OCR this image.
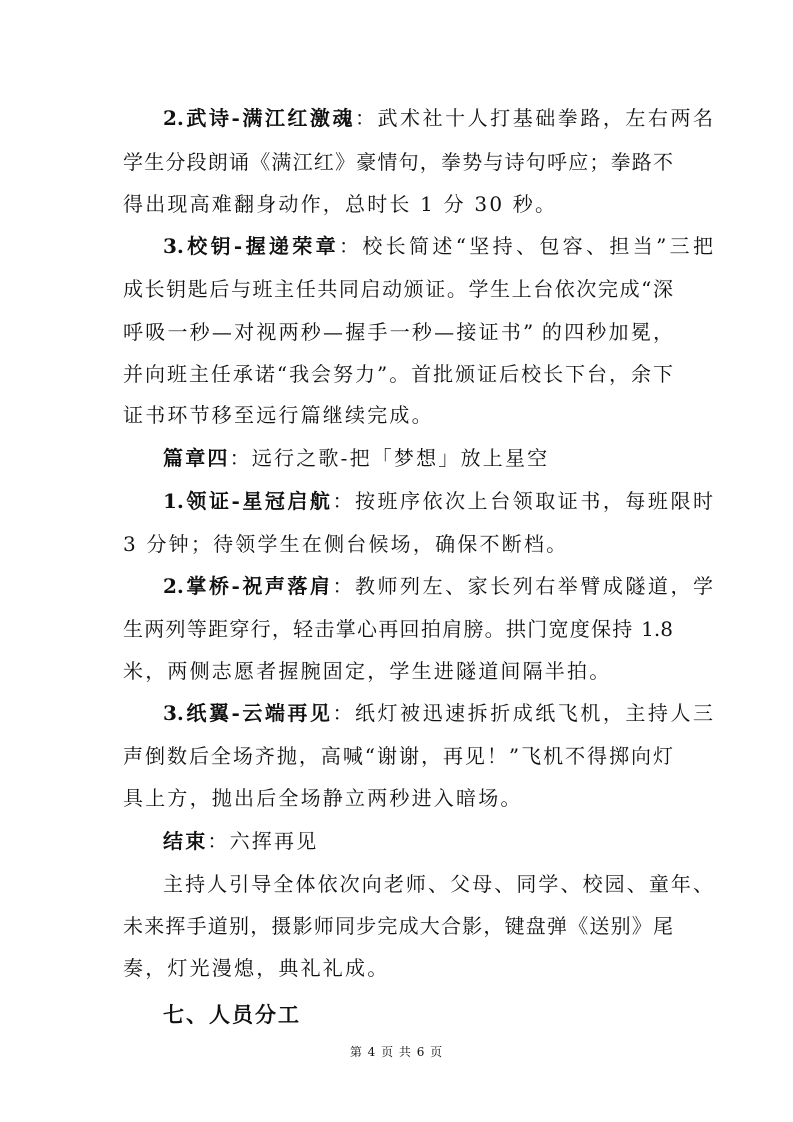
2.武诗-满江红激魂：武术社十人打基础拳路，左右两名
学生分段朗诵《满江红》豪情句，拳势与诗句呼应；拳路不
得出现高难翻身动作，总时长 1 分 30 秒。
3.校钥-握递荣章：校长简述“坚持、包容、担当”三把
成长钥匙后与班主任共同启动颁证。学生上台依次完成“深
呼吸一秒—对视两秒—握手一秒—接证书” 的四秒加冕，
并向班主任承诺“我会努力”。首批颁证后校长下台，余下
证书环节移至远行篇继续完成。
篇章四：远行之歌-把「梦想」放上星空
1.领证-星冠启航：按班序依次上台领取证书，每班限时
3 分钟；待领学生在侧台候场，确保不断档。
2.掌桥-祝声落肩：教师列左、家长列右举臂成隧道，学
生两列等距穿行，轻击掌心再回拍肩膀。拱门宽度保持 1.8
米，两侧志愿者握腕固定，学生进隧道间隔半拍。
3.纸翼-云端再见：纸灯被迅速拆折成纸飞机，主持人三
声倒数后全场齐抛，高喊“谢谢，再见！”飞机不得掷向灯
具上方，抛出后全场静立两秒进入暗场。
结束：六挥再见
主持人引导全体依次向老师、父母、同学、校园、童年、
未来挥手道别，摄影师同步完成大合影，键盘弹《送别》尾
奏，灯光漫熄，典礼礼成。
七、人员分工
第 4 页 共 6 页
